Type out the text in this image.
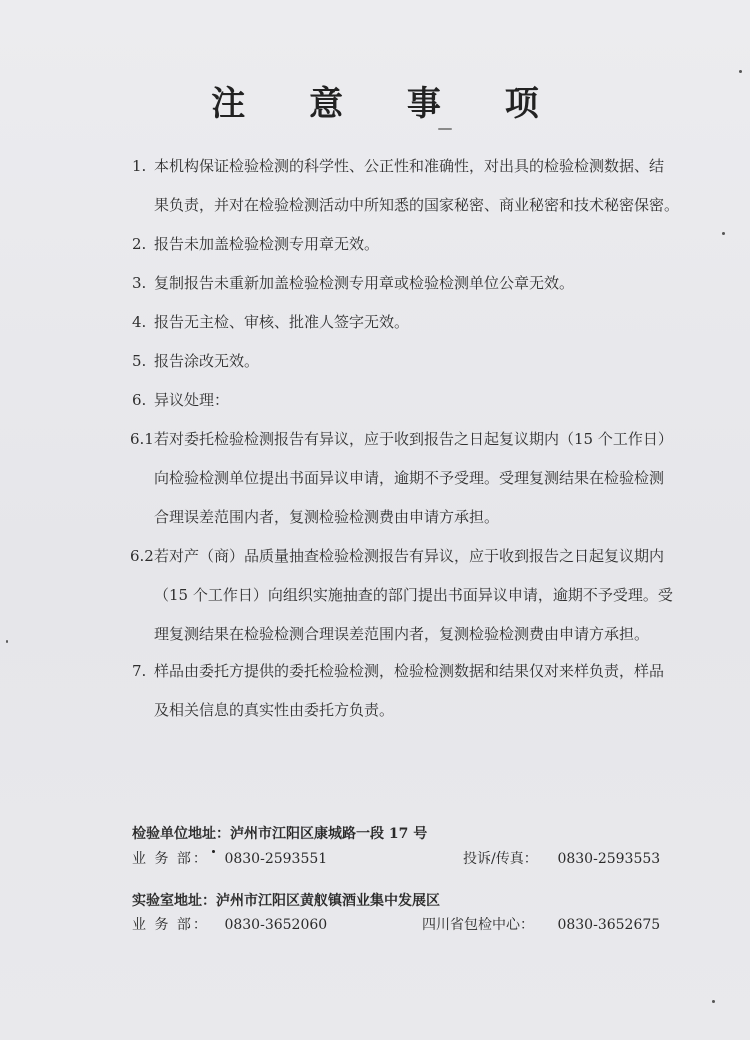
注 意 事 项
1. 本机构保证检验检测的科学性、公正性和准确性，对出具的检验检测数据、结
果负责，并对在检验检测活动中所知悉的国家秘密、商业秘密和技术秘密保密。
2. 报告未加盖检验检测专用章无效。
3. 复制报告未重新加盖检验检测专用章或检验检测单位公章无效。
4. 报告无主检、审核、批准人签字无效。
5. 报告涂改无效。
6. 异议处理：
6.1若对委托检验检测报告有异议，应于收到报告之日起复议期内（15 个工作日）
向检验检测单位提出书面异议申请，逾期不予受理。受理复测结果在检验检测
合理误差范围内者，复测检验检测费由申请方承担。
6.2若对产（商）品质量抽查检验检测报告有异议，应于收到报告之日起复议期内
（15 个工作日）向组织实施抽查的部门提出书面异议申请，逾期不予受理。受
理复测结果在检验检测合理误差范围内者，复测检验检测费由申请方承担。
7. 样品由委托方提供的委托检验检测，检验检测数据和结果仅对来样负责，样品
及相关信息的真实性由委托方负责。
检验单位地址：泸州市江阳区康城路一段 17 号
业 务 部： 0830-2593551	投诉/传真： 0830-2593553
实验室地址：泸州市江阳区黄舣镇酒业集中发展区
业 务 部： 0830-3652060	四川省包检中心： 0830-3652675
